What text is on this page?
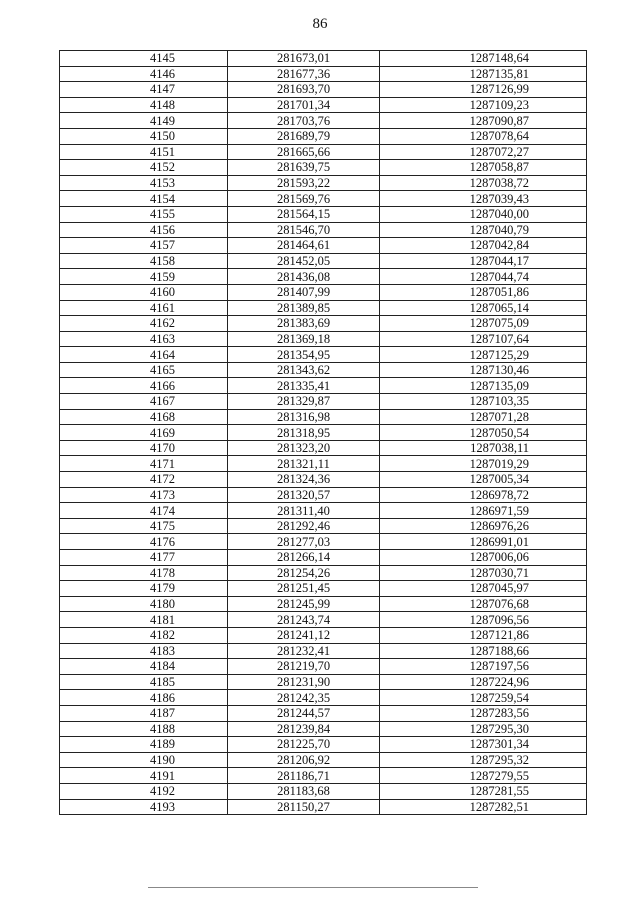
86
4145	281673,01	1287148,64
4146	281677,36	1287135,81
4147	281693,70	1287126,99
4148	281701,34	1287109,23
4149	281703,76	1287090,87
4150	281689,79	1287078,64
4151	281665,66	1287072,27
4152	281639,75	1287058,87
4153	281593,22	1287038,72
4154	281569,76	1287039,43
4155	281564,15	1287040,00
4156	281546,70	1287040,79
4157	281464,61	1287042,84
4158	281452,05	1287044,17
4159	281436,08	1287044,74
4160	281407,99	1287051,86
4161	281389,85	1287065,14
4162	281383,69	1287075,09
4163	281369,18	1287107,64
4164	281354,95	1287125,29
4165	281343,62	1287130,46
4166	281335,41	1287135,09
4167	281329,87	1287103,35
4168	281316,98	1287071,28
4169	281318,95	1287050,54
4170	281323,20	1287038,11
4171	281321,11	1287019,29
4172	281324,36	1287005,34
4173	281320,57	1286978,72
4174	281311,40	1286971,59
4175	281292,46	1286976,26
4176	281277,03	1286991,01
4177	281266,14	1287006,06
4178	281254,26	1287030,71
4179	281251,45	1287045,97
4180	281245,99	1287076,68
4181	281243,74	1287096,56
4182	281241,12	1287121,86
4183	281232,41	1287188,66
4184	281219,70	1287197,56
4185	281231,90	1287224,96
4186	281242,35	1287259,54
4187	281244,57	1287283,56
4188	281239,84	1287295,30
4189	281225,70	1287301,34
4190	281206,92	1287295,32
4191	281186,71	1287279,55
4192	281183,68	1287281,55
4193	281150,27	1287282,51
